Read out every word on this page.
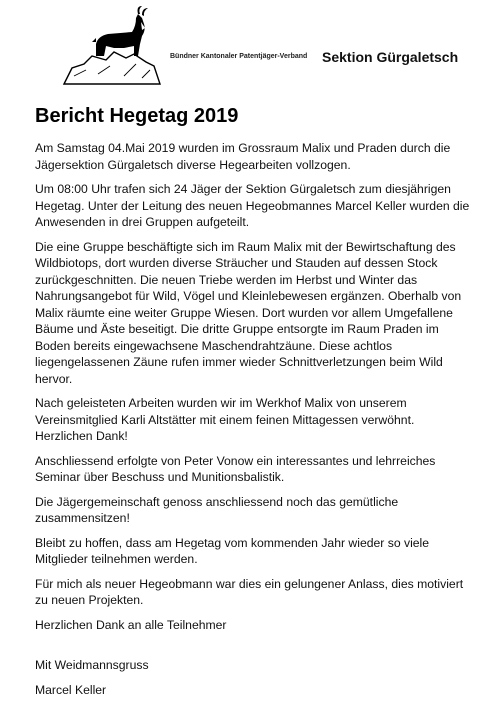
Bündner Kantonaler Patentjäger-Verband Sektion Gürgaletsch
Bericht Hegetag 2019

Am Samstag 04.Mai 2019 wurden im Grossraum Malix und Praden durch die Jägersektion Gürgaletsch diverse Hegearbeiten vollzogen.

Um 08:00 Uhr trafen sich 24 Jäger der Sektion Gürgaletsch zum diesjährigen Hegetag. Unter der Leitung des neuen Hegeobmannes Marcel Keller wurden die Anwesenden in drei Gruppen aufgeteilt.

Die eine Gruppe beschäftigte sich im Raum Malix mit der Bewirtschaftung des Wildbiotops, dort wurden diverse Sträucher und Stauden auf dessen Stock zurückgeschnitten. Die neuen Triebe werden im Herbst und Winter das Nahrungsangebot für Wild, Vögel und Kleinlebewesen ergänzen. Oberhalb von Malix räumte eine weiter Gruppe Wiesen. Dort wurden vor allem Umgefallene Bäume und Äste beseitigt. Die dritte Gruppe entsorgte im Raum Praden im Boden bereits eingewachsene Maschendrahtzäune. Diese achtlos liegengelassenen Zäune rufen immer wieder Schnittverletzungen beim Wild hervor.

Nach geleisteten Arbeiten wurden wir im Werkhof Malix von unserem Vereinsmitglied Karli Altstätter mit einem feinen Mittagessen verwöhnt. Herzlichen Dank!

Anschliessend erfolgte von Peter Vonow ein interessantes und lehrreiches Seminar über Beschuss und Munitionsbalistik.

Die Jägergemeinschaft genoss anschliessend noch das gemütliche zusammensitzen!

Bleibt zu hoffen, dass am Hegetag vom kommenden Jahr wieder so viele Mitglieder teilnehmen werden.

Für mich als neuer Hegeobmann war dies ein gelungener Anlass, dies motiviert zu neuen Projekten.

Herzlichen Dank an alle Teilnehmer

Mit Weidmannsgruss

Marcel Keller
